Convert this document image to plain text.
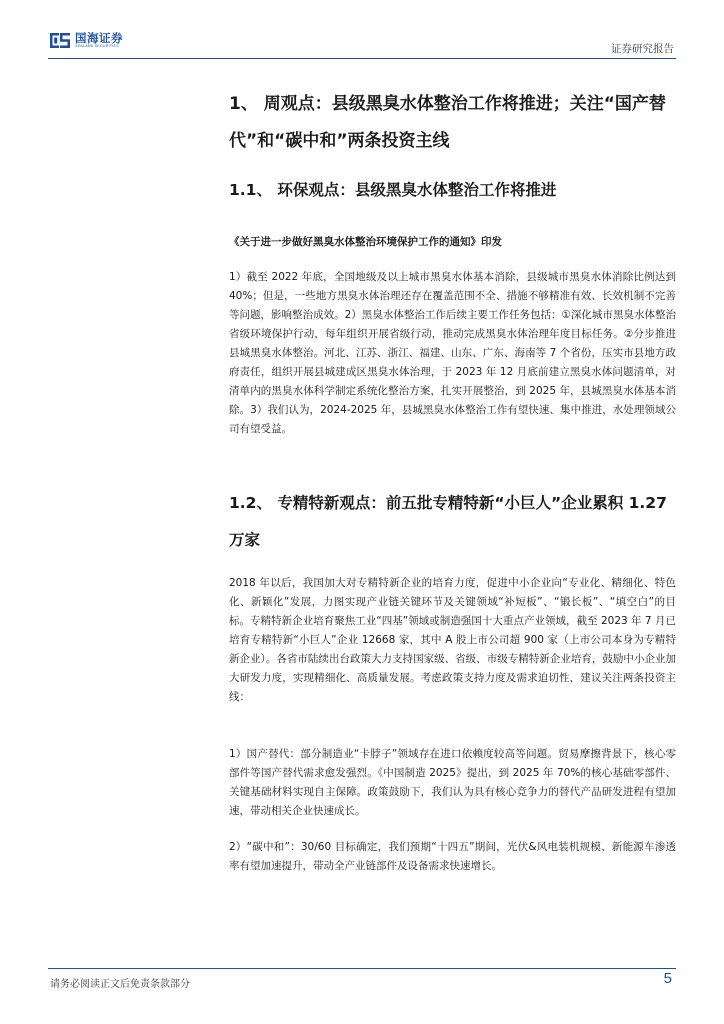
国海证券
SEALAND SECURITIES	证券研究报告
1、 周观点：县级黑臭水体整治工作将推进；关注“国产替代”和“碳中和”两条投资主线
1.1、 环保观点：县级黑臭水体整治工作将推进
《关于进一步做好黑臭水体整治环境保护工作的通知》印发
1）截至 2022 年底，全国地级及以上城市黑臭水体基本消除，县级城市黑臭水体消除比例达到 40%；但是，一些地方黑臭水体治理还存在覆盖范围不全、措施不够精准有效、长效机制不完善等问题，影响整治成效。2）黑臭水体整治工作后续主要工作任务包括：①深化城市黑臭水体整治省级环境保护行动，每年组织开展省级行动，推动完成黑臭水体治理年度目标任务。②分步推进县城黑臭水体整治。河北、江苏、浙江、福建、山东、广东、海南等 7 个省份，压实市县地方政府责任，组织开展县城建成区黑臭水体治理，于 2023 年 12 月底前建立黑臭水体问题清单，对清单内的黑臭水体科学制定系统化整治方案，扎实开展整治，到 2025 年，县城黑臭水体基本消除。3）我们认为，2024-2025 年，县城黑臭水体整治工作有望快速、集中推进，水处理领域公司有望受益。
1.2、 专精特新观点：前五批专精特新“小巨人”企业累积 1.27 万家
2018 年以后，我国加大对专精特新企业的培育力度，促进中小企业向“专业化、精细化、特色化、新颖化”发展，力图实现产业链关键环节及关键领域“补短板”、“锻长板”、“填空白”的目标。专精特新企业培育聚焦工业“四基”领域或制造强国十大重点产业领域，截至 2023 年 7 月已培育专精特新“小巨人”企业 12668 家，其中 A 股上市公司超 900 家（上市公司本身为专精特新企业）。各省市陆续出台政策大力支持国家级、省级、市级专精特新企业培育，鼓励中小企业加大研发力度，实现精细化、高质量发展。考虑政策支持力度及需求迫切性，建议关注两条投资主线：
1）国产替代：部分制造业“卡脖子”领域存在进口依赖度较高等问题。贸易摩擦背景下，核心零部件等国产替代需求愈发强烈。《中国制造 2025》提出，到 2025 年 70%的核心基础零部件、关键基础材料实现自主保障。政策鼓励下，我们认为具有核心竞争力的替代产品研发进程有望加速，带动相关企业快速成长。
2）“碳中和”：30/60 目标确定，我们预期“十四五”期间，光伏&风电装机规模、新能源车渗透率有望加速提升，带动全产业链部件及设备需求快速增长。
请务必阅读正文后免责条款部分	5
